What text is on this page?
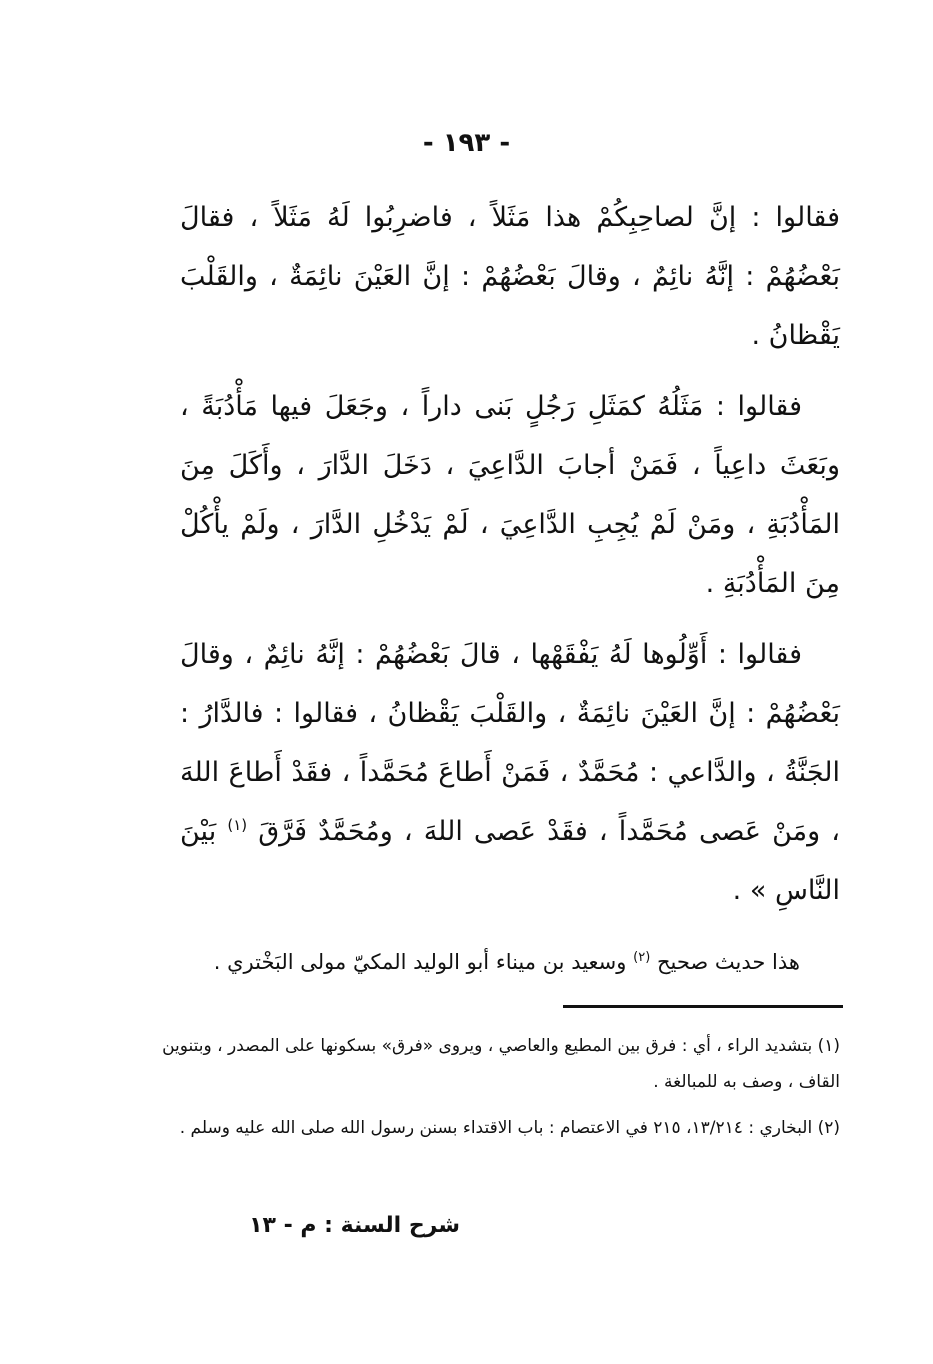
- ١٩٣ -

فقالوا : إنَّ لصاحِبِكُمْ هذا مَثَلاً ، فاضرِبُوا لَهُ مَثَلاً ، فقالَ بَعْضُهُمْ : إنَّهُ نائِمٌ ، وقالَ بَعْضُهُمْ : إنَّ العَيْنَ نائِمَةٌ ، والقَلْبَ يَقْظانُ .

فقالوا : مَثَلُهُ كمَثَلِ رَجُلٍ بَنى داراً ، وجَعَلَ فيها مَأْدُبَةً ، وبَعَثَ داعِياً ، فَمَنْ أجابَ الدَّاعِيَ ، دَخَلَ الدَّارَ ، وأَكَلَ مِنَ المَأْدُبَةِ ، ومَنْ لَمْ يُجِبِ الدَّاعِيَ ، لَمْ يَدْخُلِ الدَّارَ ، ولَمْ يأْكُلْ مِنَ المَأْدُبَةِ .

فقالوا : أَوِّلُوها لَهُ يَفْقَهْها ، قالَ بَعْضُهُمْ : إنَّهُ نائِمٌ ، وقالَ بَعْضُهُمْ : إنَّ العَيْنَ نائِمَةٌ ، والقَلْبَ يَقْظانُ ، فقالوا : فالدَّارُ : الجَنَّةُ ، والدَّاعي : مُحَمَّدٌ ، فَمَنْ أَطاعَ مُحَمَّداً ، فقَدْ أَطاعَ اللهَ ، ومَنْ عَصى مُحَمَّداً ، فقَدْ عَصى اللهَ ، ومُحَمَّدٌ فَرَّقَ $^{(١)}$ بَيْنَ النَّاسِ » .

هذا حديث صحيح $^{(٢)}$ وسعيد بن ميناء أبو الوليد المكيّ مولى البَخْتري .

(١) بتشديد الراء ، أي : فرق بين المطيع والعاصي ، ويروى «فرق» بسكونها على المصدر ، وبتنوين القاف ، وصف به للمبالغة .

(٢) البخاري : ١٣/٢١٤، ٢١٥ في الاعتصام : باب الاقتداء بسنن رسول الله صلى الله عليه وسلم .

شرح السنة : م - ١٣
